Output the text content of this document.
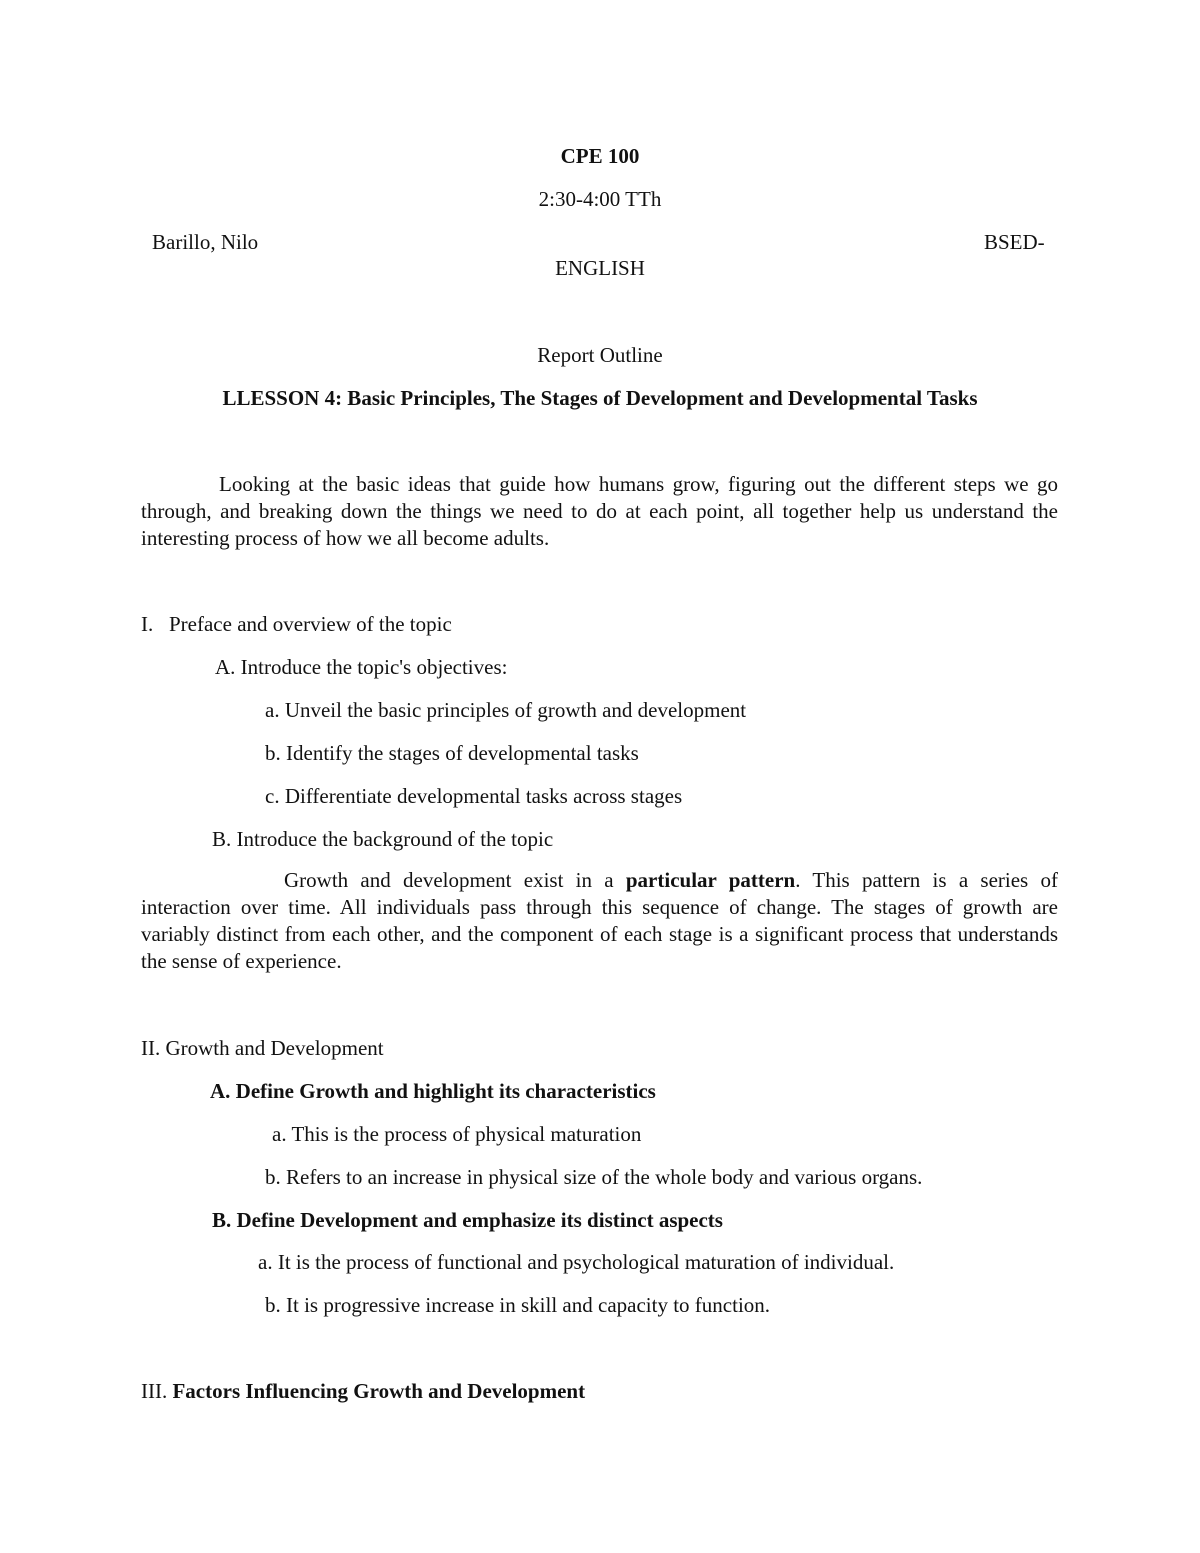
CPE 100
2:30-4:00 TTh
Barillo, Nilo	BSED-
ENGLISH
Report Outline
LLESSON 4: Basic Principles, The Stages of Development and Developmental Tasks
Looking at the basic ideas that guide how humans grow, figuring out the different steps we go through, and breaking down the things we need to do at each point, all together help us understand the interesting process of how we all become adults.
I.   Preface and overview of the topic
A. Introduce the topic's objectives:
a. Unveil the basic principles of growth and development
b. Identify the stages of developmental tasks
c. Differentiate developmental tasks across stages
B. Introduce the background of the topic
Growth and development exist in a particular pattern. This pattern is a series of interaction over time. All individuals pass through this sequence of change. The stages of growth are variably distinct from each other, and the component of each stage is a significant process that understands the sense of experience.
II. Growth and Development
A. Define Growth and highlight its characteristics
a. This is the process of physical maturation
b. Refers to an increase in physical size of the whole body and various organs.
B. Define Development and emphasize its distinct aspects
a. It is the process of functional and psychological maturation of individual.
b. It is progressive increase in skill and capacity to function.
III. Factors Influencing Growth and Development
